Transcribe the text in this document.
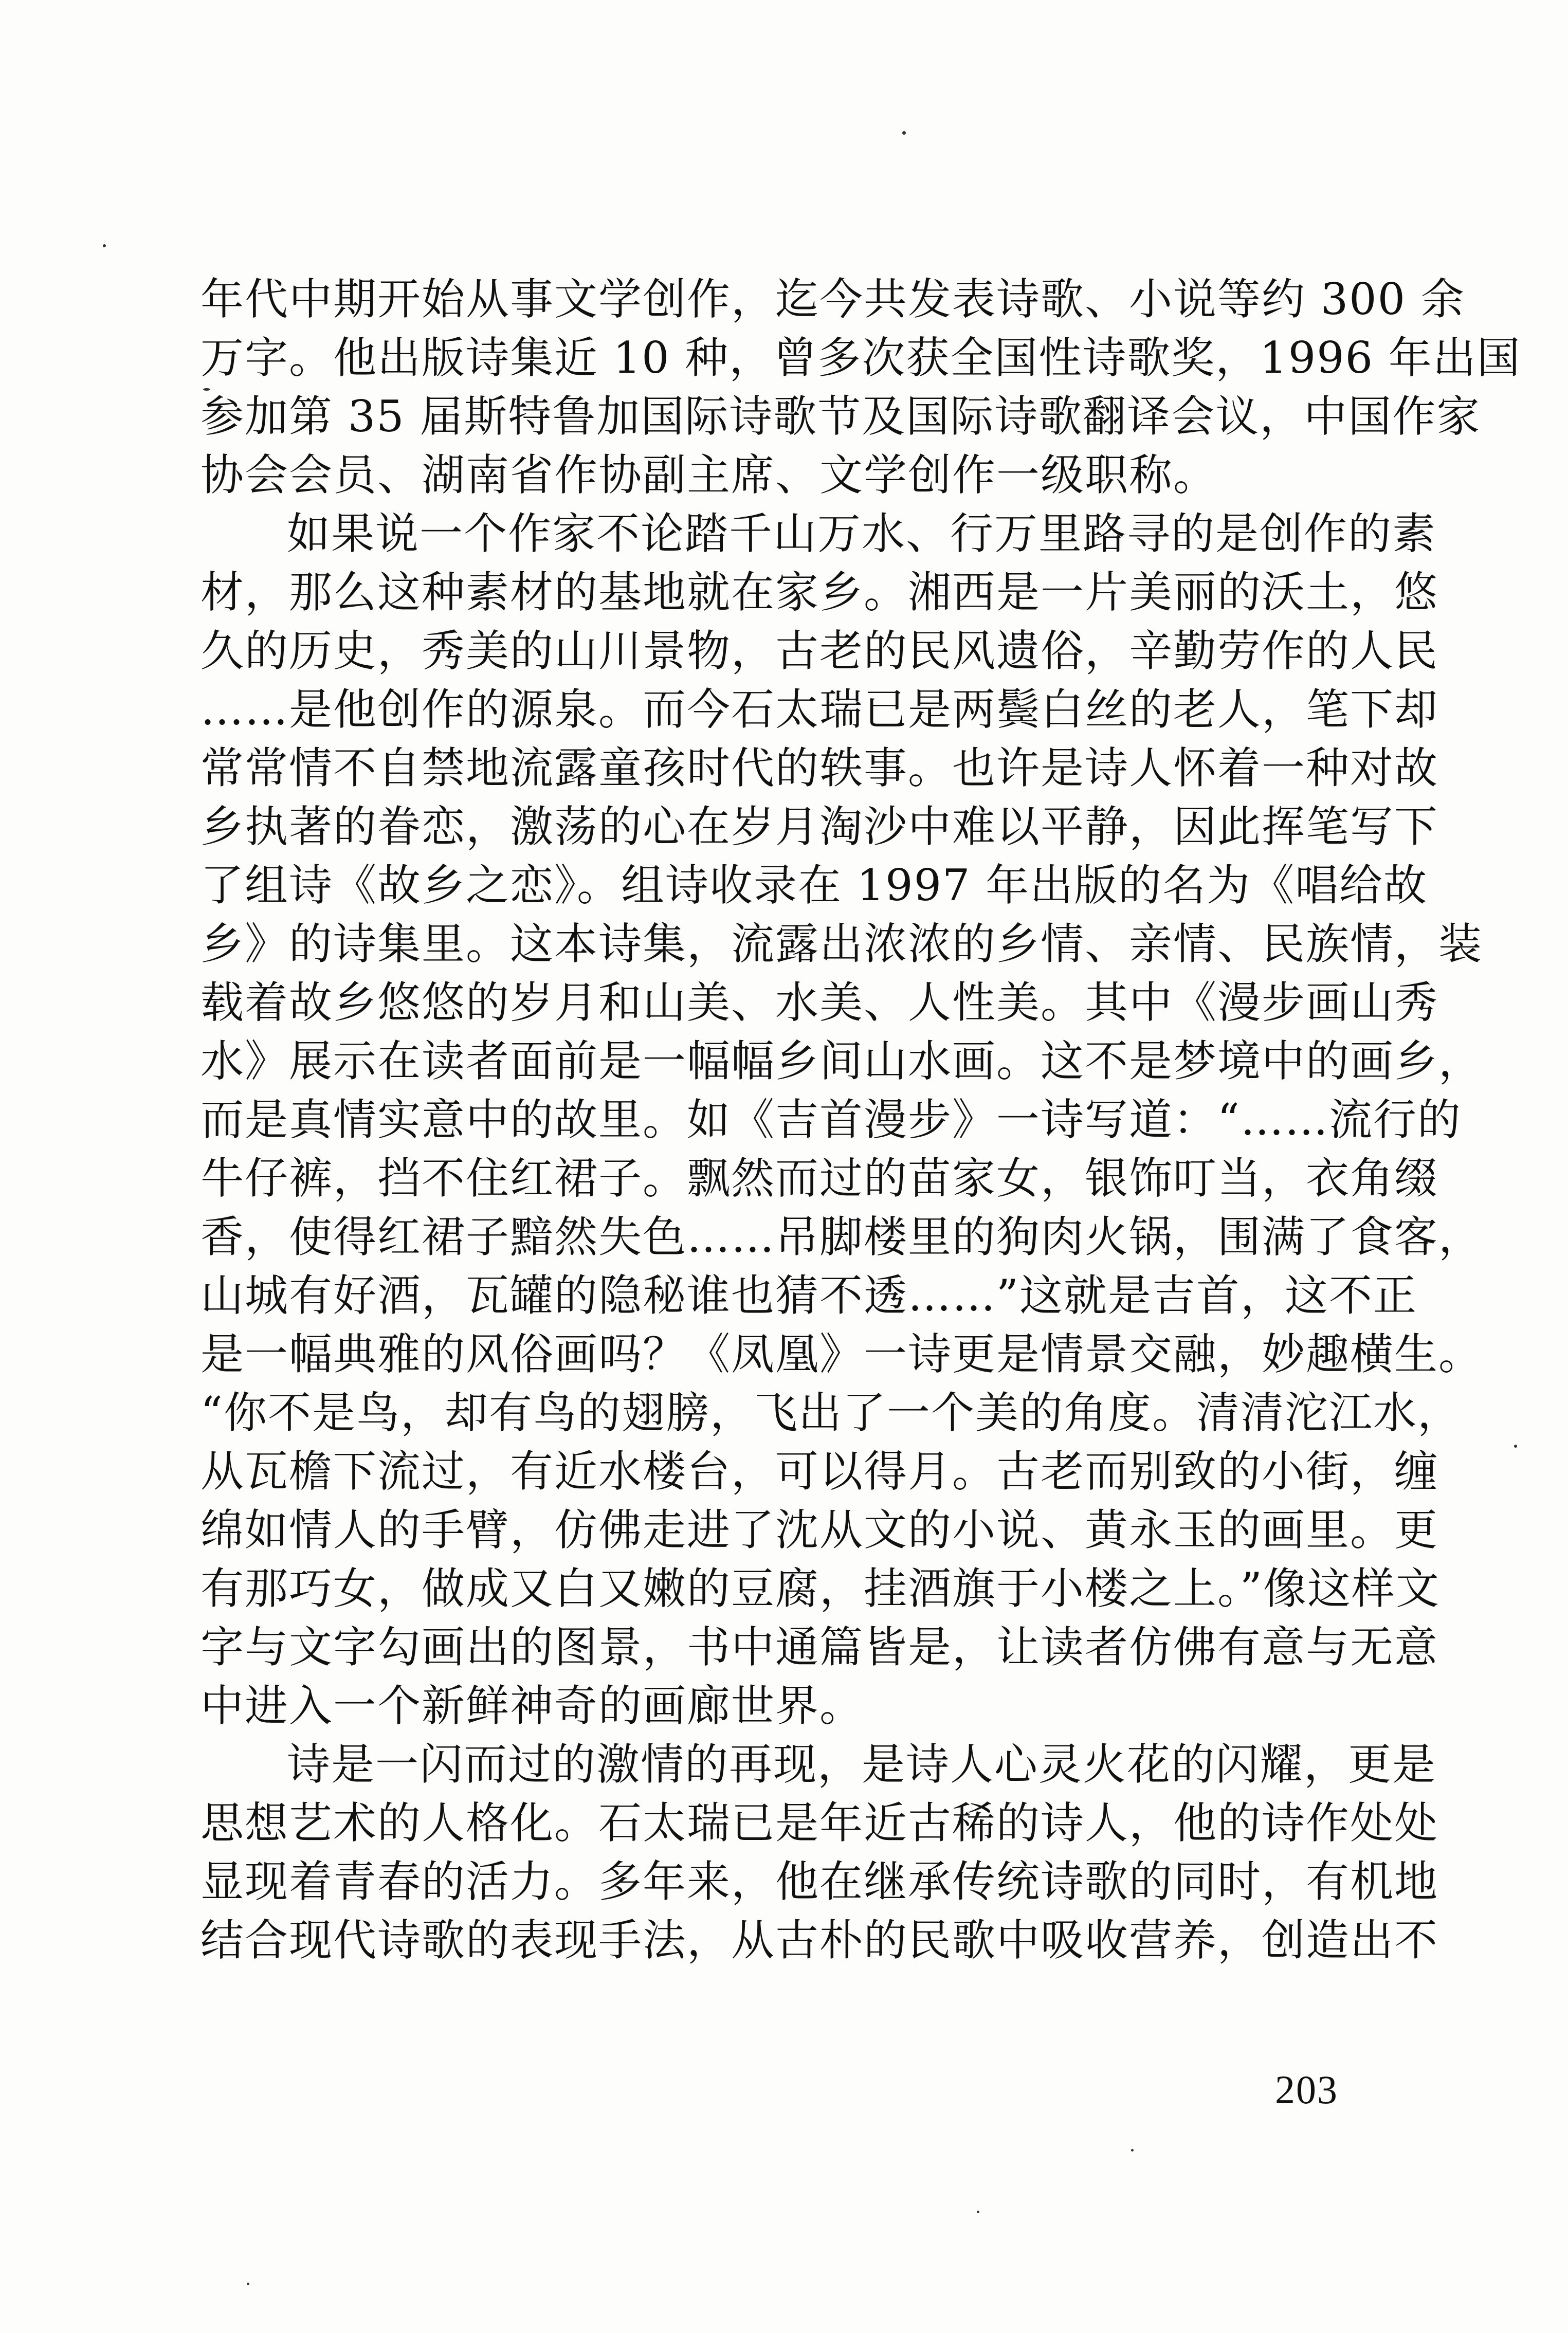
年代中期开始从事文学创作，迄今共发表诗歌、小说等约 300 余
万字。他出版诗集近 10 种，曾多次获全国性诗歌奖，1996 年出国
参加第 35 届斯特鲁加国际诗歌节及国际诗歌翻译会议，中国作家
协会会员、湖南省作协副主席、文学创作一级职称。
如果说一个作家不论踏千山万水、行万里路寻的是创作的素
材，那么这种素材的基地就在家乡。湘西是一片美丽的沃土，悠
久的历史，秀美的山川景物，古老的民风遗俗，辛勤劳作的人民
……是他创作的源泉。而今石太瑞已是两鬓白丝的老人，笔下却
常常情不自禁地流露童孩时代的轶事。也许是诗人怀着一种对故
乡执著的眷恋，激荡的心在岁月淘沙中难以平静，因此挥笔写下
了组诗《故乡之恋》。组诗收录在 1997 年出版的名为《唱给故
乡》的诗集里。这本诗集，流露出浓浓的乡情、亲情、民族情，装
载着故乡悠悠的岁月和山美、水美、人性美。其中《漫步画山秀
水》展示在读者面前是一幅幅乡间山水画。这不是梦境中的画乡，
而是真情实意中的故里。如《吉首漫步》一诗写道：“……流行的
牛仔裤，挡不住红裙子。飘然而过的苗家女，银饰叮当，衣角缀
香，使得红裙子黯然失色……吊脚楼里的狗肉火锅，围满了食客，
山城有好酒，瓦罐的隐秘谁也猜不透……”这就是吉首，这不正
是一幅典雅的风俗画吗？《凤凰》一诗更是情景交融，妙趣横生。
“你不是鸟，却有鸟的翅膀，飞出了一个美的角度。清清沱江水，
从瓦檐下流过，有近水楼台，可以得月。古老而别致的小街，缠
绵如情人的手臂，仿佛走进了沈从文的小说、黄永玉的画里。更
有那巧女，做成又白又嫩的豆腐，挂酒旗于小楼之上。”像这样文
字与文字勾画出的图景，书中通篇皆是，让读者仿佛有意与无意
中进入一个新鲜神奇的画廊世界。
诗是一闪而过的激情的再现，是诗人心灵火花的闪耀，更是
思想艺术的人格化。石太瑞已是年近古稀的诗人，他的诗作处处
显现着青春的活力。多年来，他在继承传统诗歌的同时，有机地
结合现代诗歌的表现手法，从古朴的民歌中吸收营养，创造出不
203
